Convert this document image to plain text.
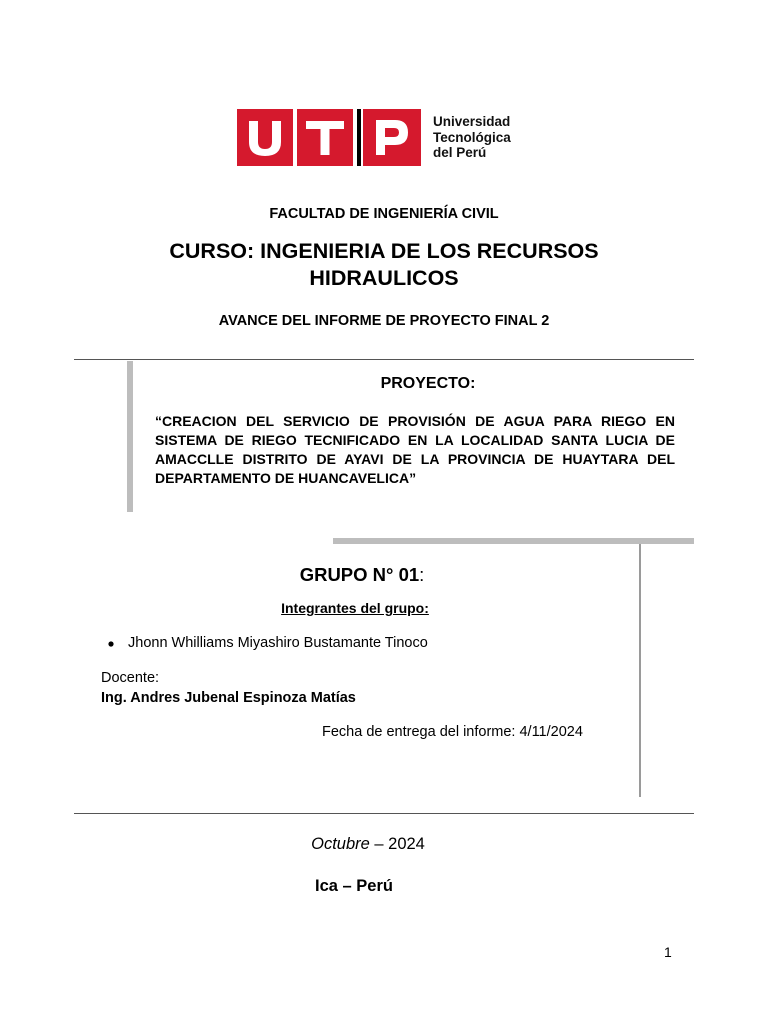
Universidad
Tecnológica
del Perú
FACULTAD DE INGENIERÍA CIVIL
CURSO: INGENIERIA DE LOS RECURSOS
HIDRAULICOS
AVANCE DEL INFORME DE PROYECTO FINAL 2
PROYECTO:
“CREACION DEL SERVICIO DE PROVISIÓN DE AGUA PARA RIEGO EN SISTEMA DE RIEGO TECNIFICADO EN LA LOCALIDAD SANTA LUCIA DE AMACCLLE DISTRITO DE AYAVI DE LA PROVINCIA DE HUAYTARA DEL DEPARTAMENTO DE HUANCAVELICA”
GRUPO N° 01:
Integrantes del grupo:
Jhonn Whilliams Miyashiro Bustamante Tinoco
Docente:
Ing. Andres Jubenal Espinoza Matías
Fecha de entrega del informe: 4/11/2024
Octubre – 2024
Ica – Perú
1
